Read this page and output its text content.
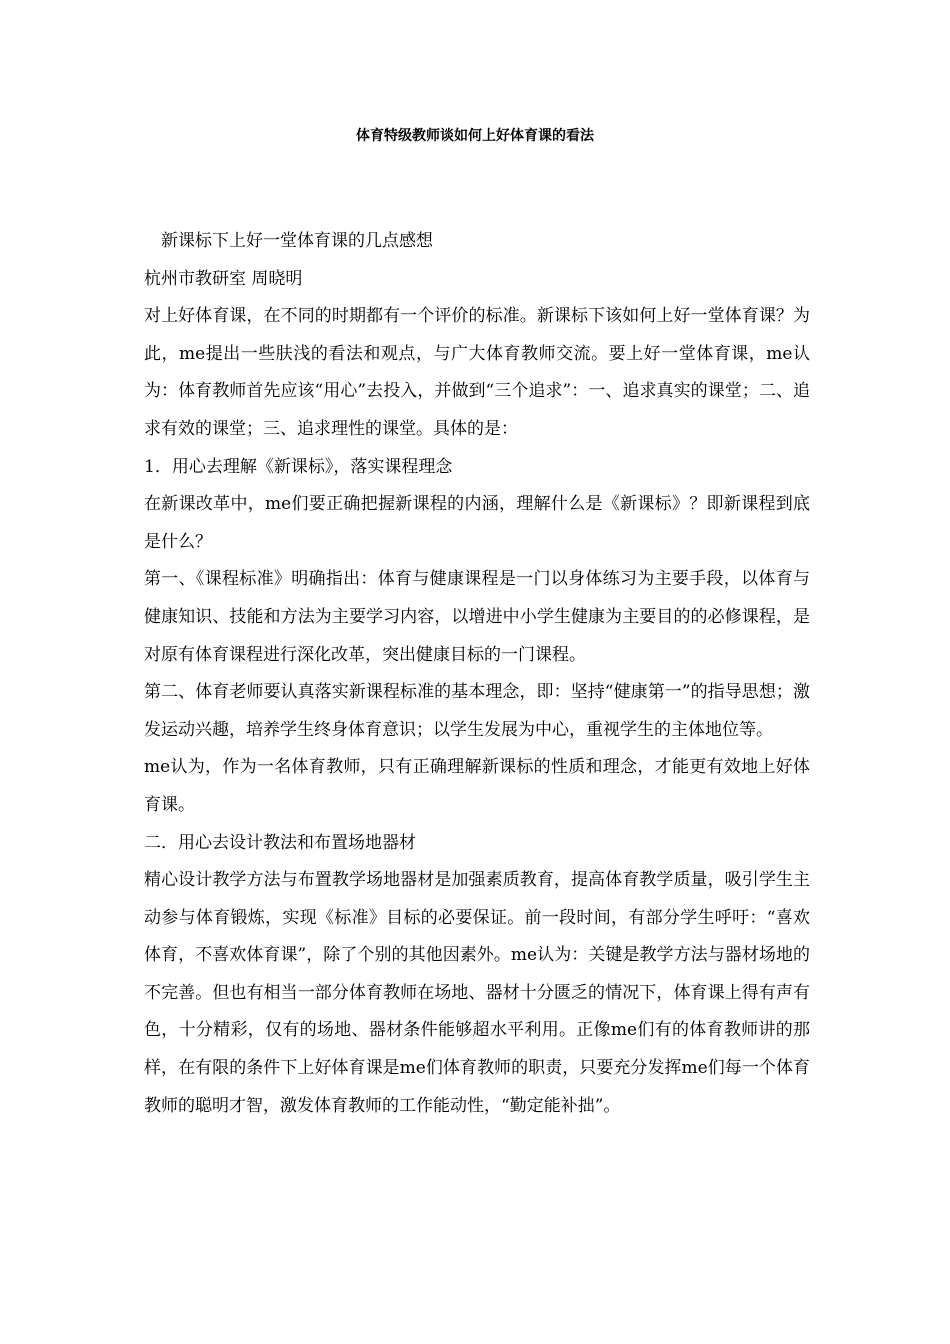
体育特级教师谈如何上好体育课的看法

新课标下上好一堂体育课的几点感想

杭州市教研室 周晓明

对上好体育课，在不同的时期都有一个评价的标准。新课标下该如何上好一堂体育课？为此，me提出一些肤浅的看法和观点，与广大体育教师交流。要上好一堂体育课，me认为：体育教师首先应该“用心”去投入，并做到“三个追求”：一、追求真实的课堂；二、追求有效的课堂；三、追求理性的课堂。具体的是：

1．用心去理解《新课标》，落实课程理念

在新课改革中，me们要正确把握新课程的内涵，理解什么是《新课标》？即新课程到底是什么？

第一、《课程标准》明确指出：体育与健康课程是一门以身体练习为主要手段，以体育与健康知识、技能和方法为主要学习内容，以增进中小学生健康为主要目的的必修课程，是对原有体育课程进行深化改革，突出健康目标的一门课程。

第二、体育老师要认真落实新课程标准的基本理念，即：坚持“健康第一”的指导思想；激发运动兴趣，培养学生终身体育意识；以学生发展为中心，重视学生的主体地位等。

me认为，作为一名体育教师，只有正确理解新课标的性质和理念，才能更有效地上好体育课。

二．用心去设计教法和布置场地器材

精心设计教学方法与布置教学场地器材是加强素质教育，提高体育教学质量，吸引学生主动参与体育锻炼，实现《标准》目标的必要保证。前一段时间，有部分学生呼吁：“喜欢体育，不喜欢体育课”，除了个别的其他因素外。me认为：关键是教学方法与器材场地的不完善。但也有相当一部分体育教师在场地、器材十分匮乏的情况下，体育课上得有声有色，十分精彩，仅有的场地、器材条件能够超水平利用。正像me们有的体育教师讲的那样，在有限的条件下上好体育课是me们体育教师的职责，只要充分发挥me们每一个体育教师的聪明才智，激发体育教师的工作能动性，“勤定能补拙”。
